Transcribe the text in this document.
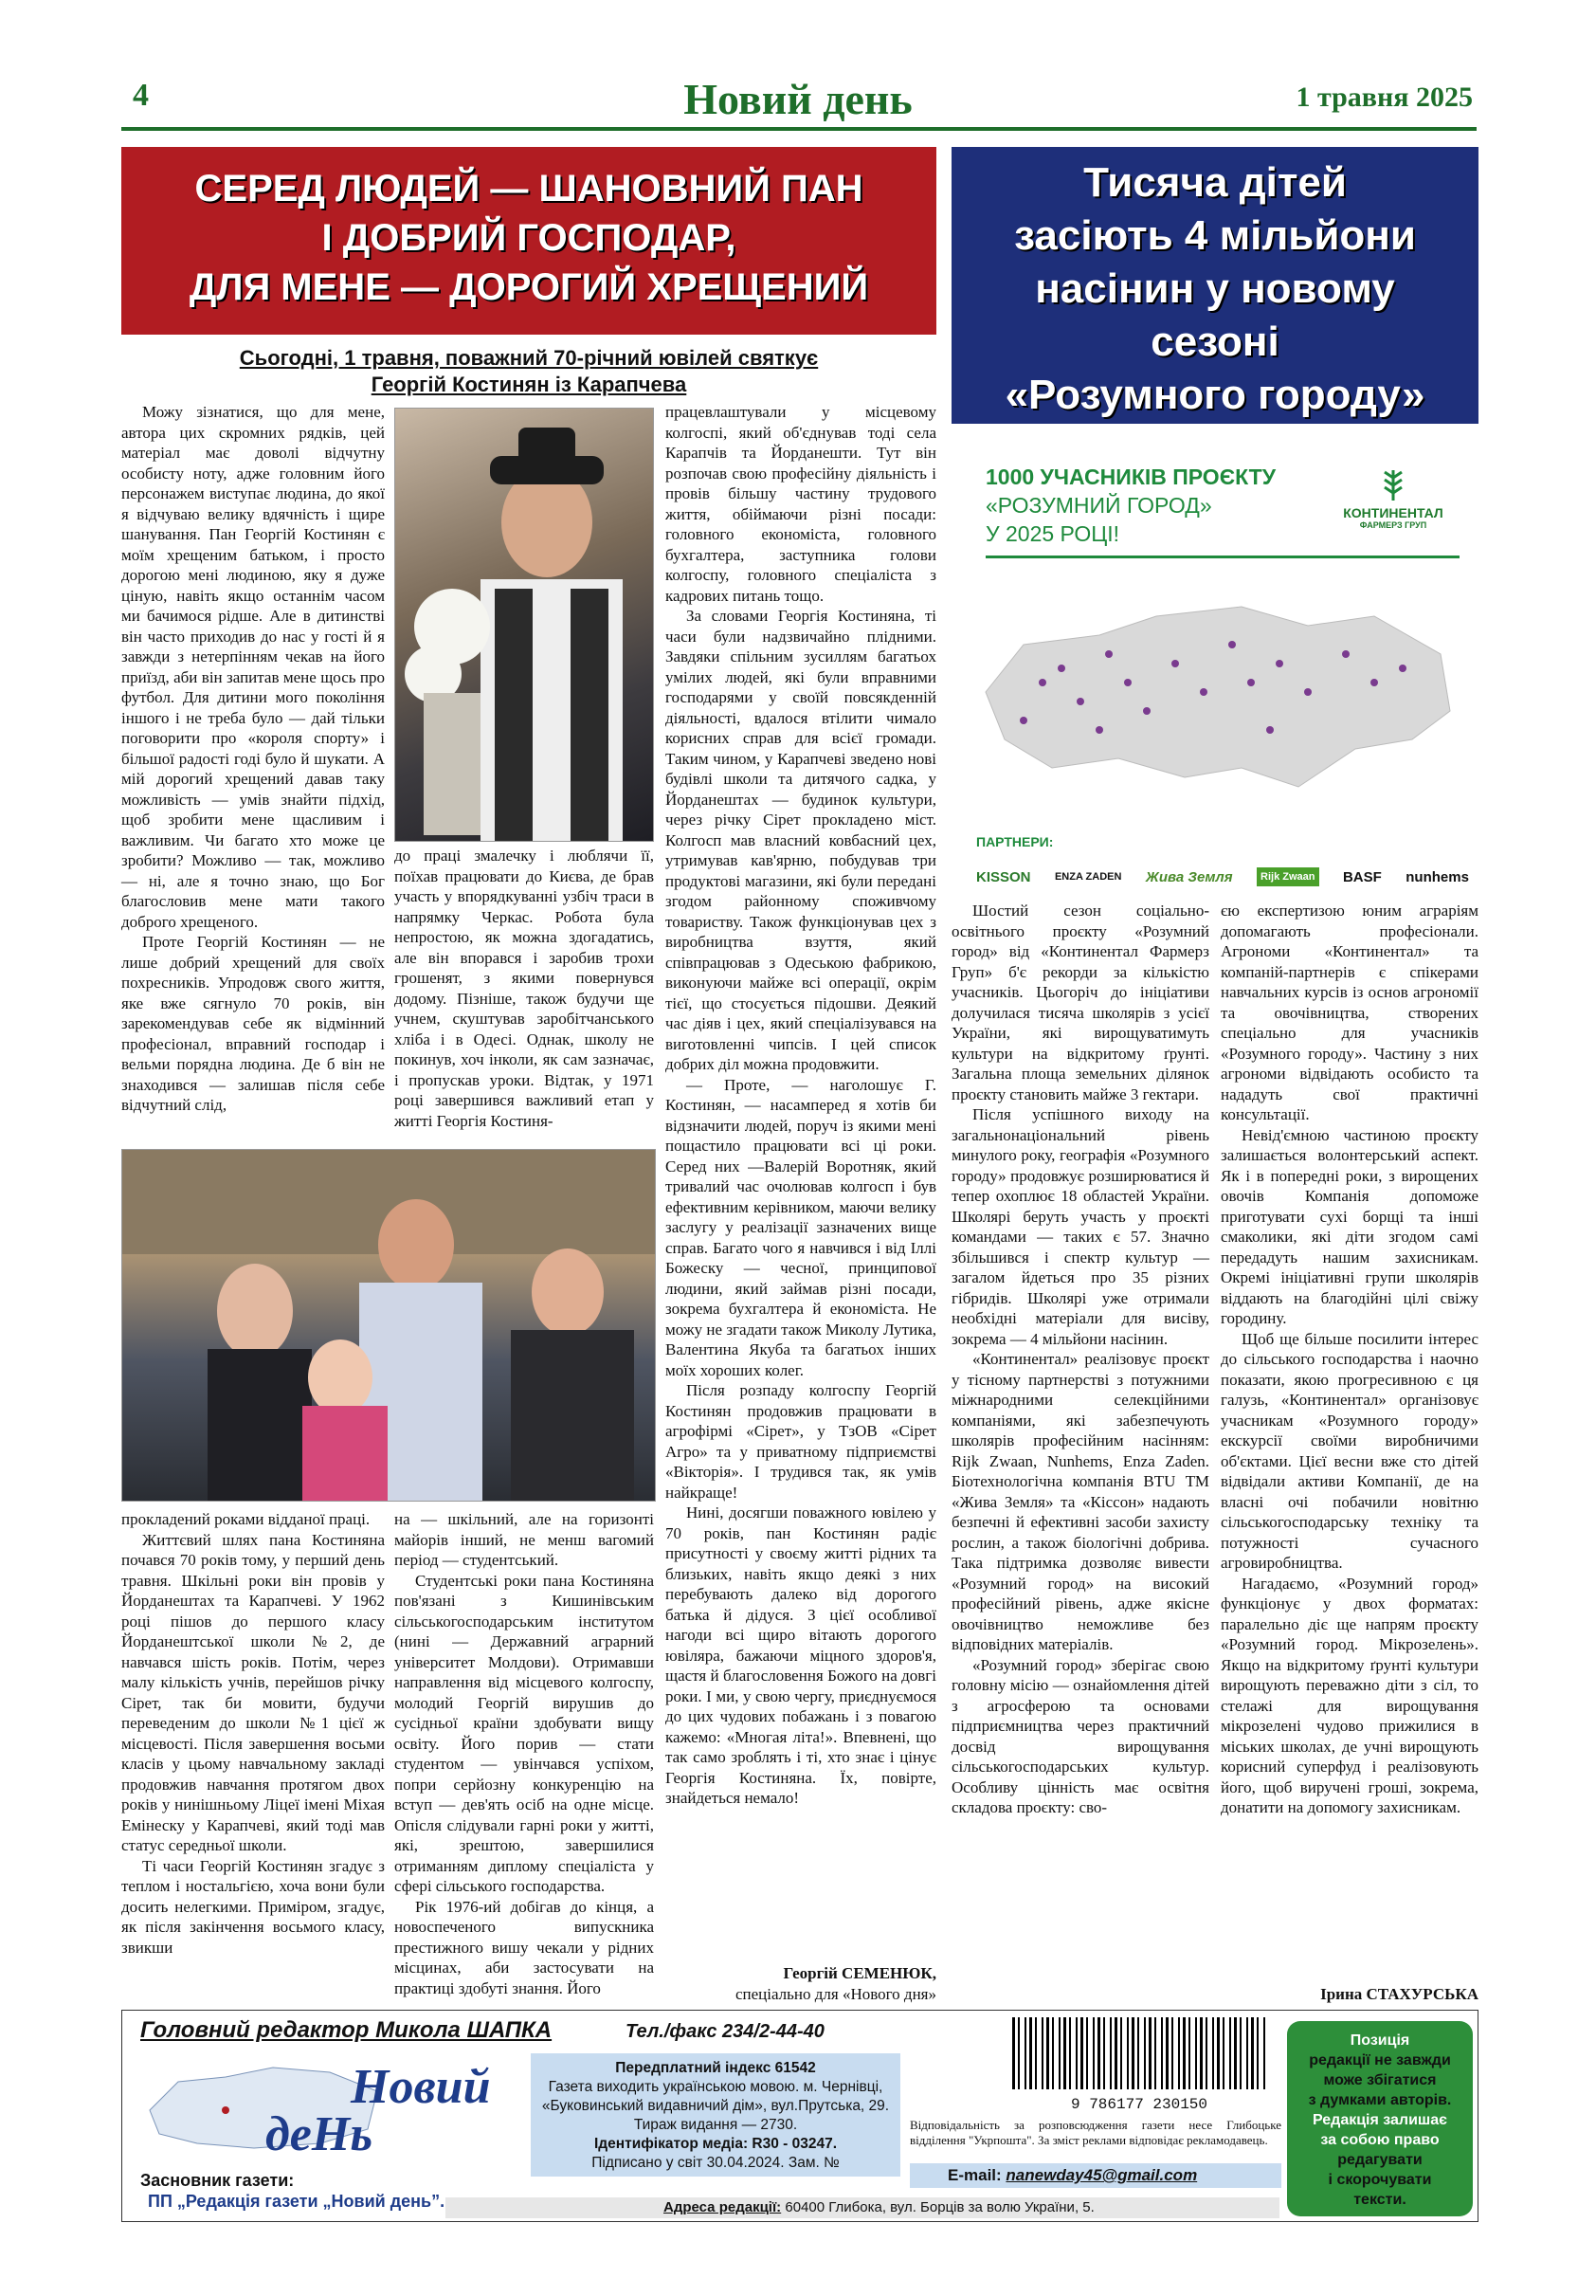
4	Новий день	1 травня 2025
СЕРЕД ЛЮДЕЙ — ШАНОВНИЙ ПАН
І ДОБРИЙ ГОСПОДАР,
ДЛЯ МЕНЕ — ДОРОГИЙ ХРЕЩЕНИЙ
Сьогодні, 1 травня, поважний 70-річний ювілей святкує
Георгій Костинян із Карапчева
Тисяча дітей
засіють 4 мільйони
насінин у новому
сезоні
«Розумного городу»

Можу зізнатися, що для мене, автора цих скромних рядків, цей матеріал має доволі відчутну особисту ноту, адже головним його персонажем виступає людина, до якої я відчуваю велику вдячність і щире шанування. Пан Георгій Костинян є моїм хрещеним батьком, і просто дорогою мені людиною, яку я дуже ціную, навіть якщо останнім часом ми бачимося рідше. Але в дитинстві він часто приходив до нас у гості й я завжди з нетерпінням чекав на його приїзд, аби він запитав мене щось про футбол. Для дитини мого покоління іншого і не треба було — дай тільки поговорити про «короля спорту» і більшої радості годі було й шукати. А мій дорогий хрещений давав таку можливість — умів знайти підхід, щоб зробити мене щасливим і важливим. Чи багато хто може це зробити? Можливо — так, можливо — ні, але я точно знаю, що Бог благословив мене мати такого доброго хрещеного.

Проте Георгій Костинян — не лише добрий хрещений для своїх похресників. Упродовж свого життя, яке вже сягнуло 70 років, він зарекомендував себе як відмінний професіонал, вправний господар і вельми порядна людина. Де б він не знаходився — залишав після себе відчутний слід,

прокладений роками відданої праці.

Життєвий шлях пана Костиняна почався 70 років тому, у перший день травня. Шкільні роки він провів у Йорданештах та Карапчеві. У 1962 році пішов до першого класу Йорданештської школи №2, де навчався шість років. Потім, через малу кількість учнів, перейшов річку Сірет, так би мовити, будучи переведеним до школи №1 цієї ж місцевості. Після завершення восьми класів у цьому навчальному закладі продовжив навчання протягом двох років у нинішньому Ліцеї імені Міхая Емінеску у Карапчеві, який тоді мав статус середньої школи.

Ті часи Георгій Костинян згадує з теплом і ностальгією, хоча вони були досить нелегкими. Приміром, згадує, як після закінчення восьмого класу, звикши

до праці змалечку і люблячи її, поїхав працювати до Києва, де брав участь у впорядкуванні узбіч траси в напрямку Черкас. Робота була непростою, як можна здогадатись, але він впорався і заробив трохи грошенят, з якими повернувся додому. Пізніше, також будучи ще учнем, скуштував заробітчанського хліба і в Одесі. Однак, школу не покинув, хоч інколи, як сам зазначає, і пропускав уроки. Відтак, у 1971 році завершився важливий етап у житті Георгія Костиня-

на — шкільний, але на горизонті майорів інший, не менш вагомий період — студентський.

Студентські роки пана Костиняна пов'язані з Кишинівським сільськогосподарським інститутом (нині — Державний аграрний університет Молдови). Отримавши направлення від місцевого колгоспу, молодий Георгій вирушив до сусідньої країни здобувати вищу освіту. Його порив — стати студентом — увінчався успіхом, попри серйозну конкуренцію на вступ — дев'ять осіб на одне місце. Опісля слідували гарні роки у житті, які, зрештою, завершилися отриманням диплому спеціаліста у сфері сільського господарства.

Рік 1976-ий добігав до кінця, а новоспеченого випускника престижного вишу чекали у рідних місцинах, аби застосувати на практиці здобуті знання. Його

працевлаштували у місцевому колгоспі, який об'єднував тоді села Карапчів та Йорданешти. Тут він розпочав свою професійну діяльність і провів більшу частину трудового життя, обіймаючи різні посади: головного економіста, головного бухгалтера, заступника голови колгоспу, головного спеціаліста з кадрових питань тощо.

За словами Георгія Костиняна, ті часи були надзвичайно плідними. Завдяки спільним зусиллям багатьох умілих людей, які були вправними господарями у своїй повсякденній діяльності, вдалося втілити чимало корисних справ для всієї громади. Таким чином, у Карапчеві зведено нові будівлі школи та дитячого садка, у Йорданештах — будинок культури, через річку Сірет прокладено міст. Колгосп мав власний ковбасний цех, утримував кав'ярню, побудував три продуктові магазини, які були передані згодом районному споживчому товариству. Також функціонував цех з виробництва взуття, який співпрацював з Одеською фабрикою, виконуючи майже всі операції, окрім тієї, що стосується підошви. Деякий час діяв і цех, який спеціалізувався на виготовленні чипсів. І цей список добрих діл можна продовжити.

— Проте, — наголошує Г. Костинян, — насамперед я хотів би відзначити людей, поруч із якими мені пощастило працювати всі ці роки. Серед них —Валерій Воротняк, який тривалий час очолював колгосп і був ефективним керівником, маючи велику заслугу у реалізації зазначених вище справ. Багато чого я навчився і від Іллі Божеску — чесної, принципової людини, який займав різні посади, зокрема бухгалтера й економіста. Не можу не згадати також Миколу Лутика, Валентина Якуба та багатьох інших моїх хороших колег.

Після розпаду колгоспу Георгій Костинян продовжив працювати в агрофірмі «Сірет», у ТзОВ «Сірет Агро» та у приватному підприємстві «Вікторія». І трудився так, як умів найкраще!

Нині, досягши поважного ювілею у 70 років, пан Костинян радіє присутності у своєму житті рідних та близьких, навіть якщо деякі з них перебувають далеко від дорогого батька й дідуся. З цієї особливої нагоди всі щиро вітають дорогого ювіляра, бажаючи міцного здоров'я, щастя й благословення Божого на довгі роки. І ми, у свою чергу, приєднуємося до цих чудових побажань і з повагою кажемо: «Многая літа!». Впевнені, що так само зроблять і ті, хто знає і цінує Георгія Костиняна. Їх, повірте, знайдеться немало!

Георгій СЕМЕНЮК,
спеціально для «Нового дня»
1000 УЧАСНИКІВ ПРОЄКТУ
«РОЗУМНИЙ ГОРОД»
У 2025 РОЦІ!
КОНТИНЕНТАЛ
ФАРМЕРЗ ГРУП
ПАРТНЕРИ:
KISSON ENZA ZADEN Жива Земля	Rijk Zwaan BASF nunhems

Шостий сезон соціально-освітнього проєкту «Розумний город» від «Континентал Фармерз Груп» б'є рекорди за кількістю учасників. Цьогоріч до ініціативи долучилася тисяча школярів з усієї України, які вирощуватимуть культури на відкритому ґрунті. Загальна площа земельних ділянок проєкту становить майже 3 гектари.

Після успішного виходу на загальнонаціональний рівень минулого року, географія «Розумного городу» продовжує розширюватися й тепер охоплює 18 областей України. Школярі беруть участь у проєкті командами — таких є 57. Значно збільшився і спектр культур — загалом йдеться про 35 різних гібридів. Школярі уже отримали необхідні матеріали для висіву, зокрема — 4 мільйони насінин.

«Континентал» реалізовує проєкт у тісному партнерстві з потужними міжнародними селекційними компаніями, які забезпечують школярів професійним насінням: Rijk Zwaan, Nunhems, Enza Zaden. Біотехнологічна компанія BTU ТМ «Жива Земля» та «Кіссон» надають безпечні й ефективні засоби захисту рослин, а також біологічні добрива. Така підтримка дозволяє вивести «Розумний город» на високий професійний рівень, адже якісне овочівництво неможливе без відповідних матеріалів.

«Розумний город» зберігає свою головну місію — ознайомлення дітей з агросферою та основами підприємництва через практичний досвід вирощування сільськогосподарських культур. Особливу цінність має освітня складова проєкту: сво-

єю експертизою юним аграріям допомагають професіонали. Агрономи «Континентал» та компаній-партнерів є спікерами навчальних курсів із основ агрономії та овочівництва, створених спеціально для учасників «Розумного городу». Частину з них агрономи відвідають особисто та нададуть свої практичні консультації.

Невід'ємною частиною проєкту залишається волонтерський аспект. Як і в попередні роки, з вирощених овочів Компанія допоможе приготувати сухі борщі та інші смаколики, які діти згодом самі передадуть нашим захисникам. Окремі ініціативні групи школярів віддають на благодійні цілі свіжу городину.

Щоб ще більше посилити інтерес до сільського господарства і наочно показати, якою прогресивною є ця галузь, «Континентал» організовує учасникам «Розумного городу» екскурсії своїми виробничими об'єктами. Цієї весни вже сто дітей відвідали активи Компанії, де на власні очі побачили новітню сільськогосподарську техніку та потужності сучасного агровиробництва.

Нагадаємо, «Розумний город» функціонує у двох форматах: паралельно діє ще напрям проєкту «Розумний город. Мікрозелень». Якщо на відкритому ґрунті культури вирощують переважно діти з сіл, то стелажі для вирощування мікрозелені чудово прижилися в міських школах, де учні вирощують корисний суперфуд і реалізовують його, щоб виручені гроші, зокрема, донатити на допомогу захисникам.

Ірина СТАХУРСЬКА
Головний редактор Микола ШАПКА	Тел./факс 234/2-44-40
Новий
деНь
Засновник газети:
ПП „Редакція газети „Новий день”.
Передплатний індекс 61542
Газета виходить українською мовою. м. Чернівці, «Буковинський видавничий дім», вул.Прутська, 29. Тираж видання — 2730.
Ідентифікатор медіа: R30 - 03247.
Підписано у світ 30.04.2024. Зам. №
9 786177 230150
Відповідальність за розповсюдження газети несе Глибоцьке відділення "Укрпошта". За зміст реклами відповідає рекламодавець.
E-mail: nanewday45@gmail.com
Адреса редакції: 60400 Глибока, вул. Борців за волю України, 5.
Позиція
редакції не завжди
може збігатися
з думками авторів.
Редакція залишає
за собою право
редагувати
і скорочувати
тексти.
